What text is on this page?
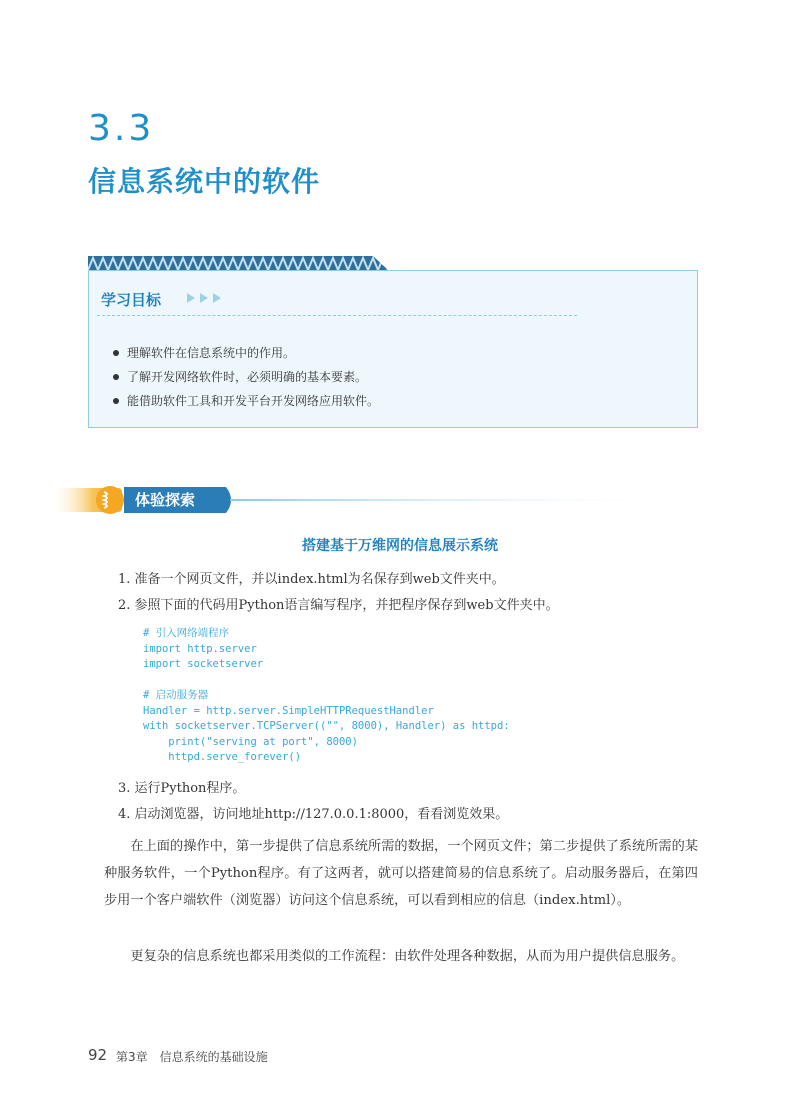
3.3
信息系统中的软件
学习目标
理解软件在信息系统中的作用。
了解开发网络软件时，必须明确的基本要素。
能借助软件工具和开发平台开发网络应用软件。
体验探索
搭建基于万维网的信息展示系统
1. 准备一个网页文件，并以index.html为名保存到web文件夹中。
2. 参照下面的代码用Python语言编写程序，并把程序保存到web文件夹中。
# 引入网络端程序
import http.server
import socketserver
# 启动服务器
Handler = http.server.SimpleHTTPRequestHandler
with socketserver.TCPServer(("", 8000), Handler) as httpd:
print("serving at port", 8000)
httpd.serve_forever()
3. 运行Python程序。
4. 启动浏览器，访问地址http://127.0.0.1:8000，看看浏览效果。

在上面的操作中，第一步提供了信息系统所需的数据，一个网页文件；第二步提供了系统所需的某种服务软件，一个Python程序。有了这两者，就可以搭建简易的信息系统了。启动服务器后，在第四步用一个客户端软件（浏览器）访问这个信息系统，可以看到相应的信息（index.html）。

更复杂的信息系统也都采用类似的工作流程：由软件处理各种数据，从而为用户提供信息服务。

92 第3章　信息系统的基础设施
